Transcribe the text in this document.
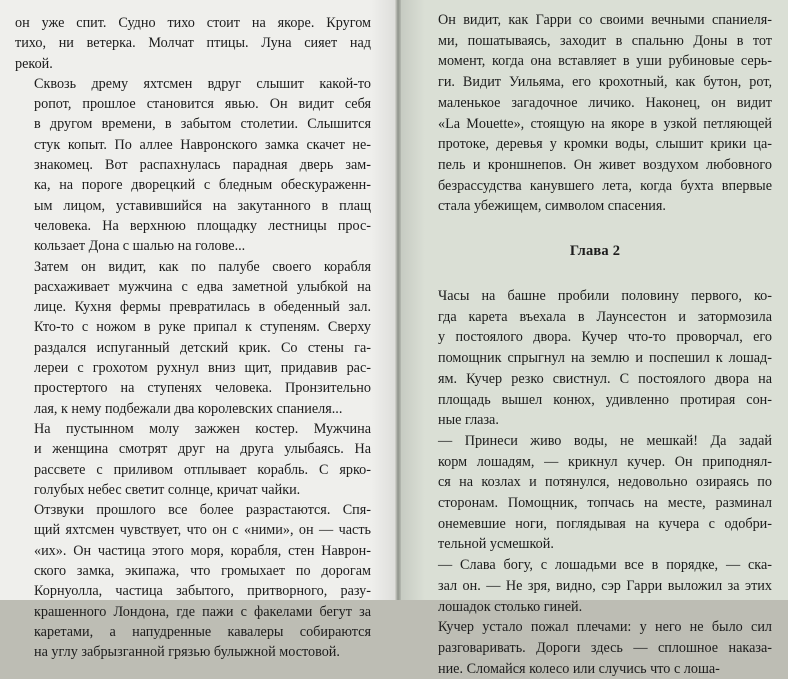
он уже спит. Судно тихо стоит на якоре. Кругом
тихо, ни ветерка. Молчат птицы. Луна сияет над
рекой.

Сквозь дрему яхтсмен вдруг слышит какой-то
ропот, прошлое становится явью. Он видит себя
в другом времени, в забытом столетии. Слышится
стук копыт. По аллее Навронского замка скачет не-
знакомец. Вот распахнулась парадная дверь зам-
ка, на пороге дворецкий с бледным обескураженн-
ым лицом, уставившийся на закутанного в плащ
человека. На верхнюю площадку лестницы прос-
кользает Дона с шалью на голове...

Затем он видит, как по палубе своего корабля
расхаживает мужчина с едва заметной улыбкой на
лице. Кухня фермы превратилась в обеденный зал.
Кто-то с ножом в руке припал к ступеням. Сверху
раздался испуганный детский крик. Со стены га-
лереи с грохотом рухнул вниз щит, придавив рас-
простертого на ступенях человека. Пронзительно
лая, к нему подбежали два королевских спаниеля...

На пустынном молу зажжен костер. Мужчина
и женщина смотрят друг на друга улыбаясь. На
рассвете с приливом отплывает корабль. С ярко-
голубых небес светит солнце, кричат чайки.

Отзвуки прошлого все более разрастаются. Спя-
щий яхтсмен чувствует, что он с «ними», он — часть
«их». Он частица этого моря, корабля, стен Наврон-
ского замка, экипажа, что громыхает по дорогам
Корнуолла, частица забытого, притворного, разу-
крашенного Лондона, где пажи с факелами бегут за
каретами, а напудренные кавалеры собираются
на углу забрызганной грязью булыжной мостовой.

Он видит, как Гарри со своими вечными спаниеля-
ми, пошатываясь, заходит в спальню Доны в тот
момент, когда она вставляет в уши рубиновые серь-
ги. Видит Уильяма, его крохотный, как бутон, рот,
маленькое загадочное личико. Наконец, он видит
«La Mouette», стоящую на якоре в узкой петляющей
протоке, деревья у кромки воды, слышит крики ца-
пель и кроншнепов. Он живет воздухом любовного
безрассудства канувшего лета, когда бухта впервые
стала убежищем, символом спасения.

Глава 2

Часы на башне пробили половину первого, ко-
гда карета въехала в Лаунсестон и затормозила
у постоялого двора. Кучер что-то проворчал, его
помощник спрыгнул на землю и поспешил к лошад-
ям. Кучер резко свистнул. С постоялого двора на
площадь вышел конюх, удивленно протирая сон-
ные глаза.

— Принеси живо воды, не мешкай! Да задай
корм лошадям, — крикнул кучер. Он приподнял-
ся на козлах и потянулся, недовольно озираясь по
сторонам. Помощник, топчась на месте, разминал
онемевшие ноги, поглядывая на кучера с одобри-
тельной усмешкой.

— Слава богу, с лошадьми все в порядке, — ска-
зал он. — Не зря, видно, сэр Гарри выложил за этих
лошадок столько гиней.

Кучер устало пожал плечами: у него не было сил
разговаривать. Дороги здесь — сплошное наказа-
ние. Сломайся колесо или случись что с лоша-
